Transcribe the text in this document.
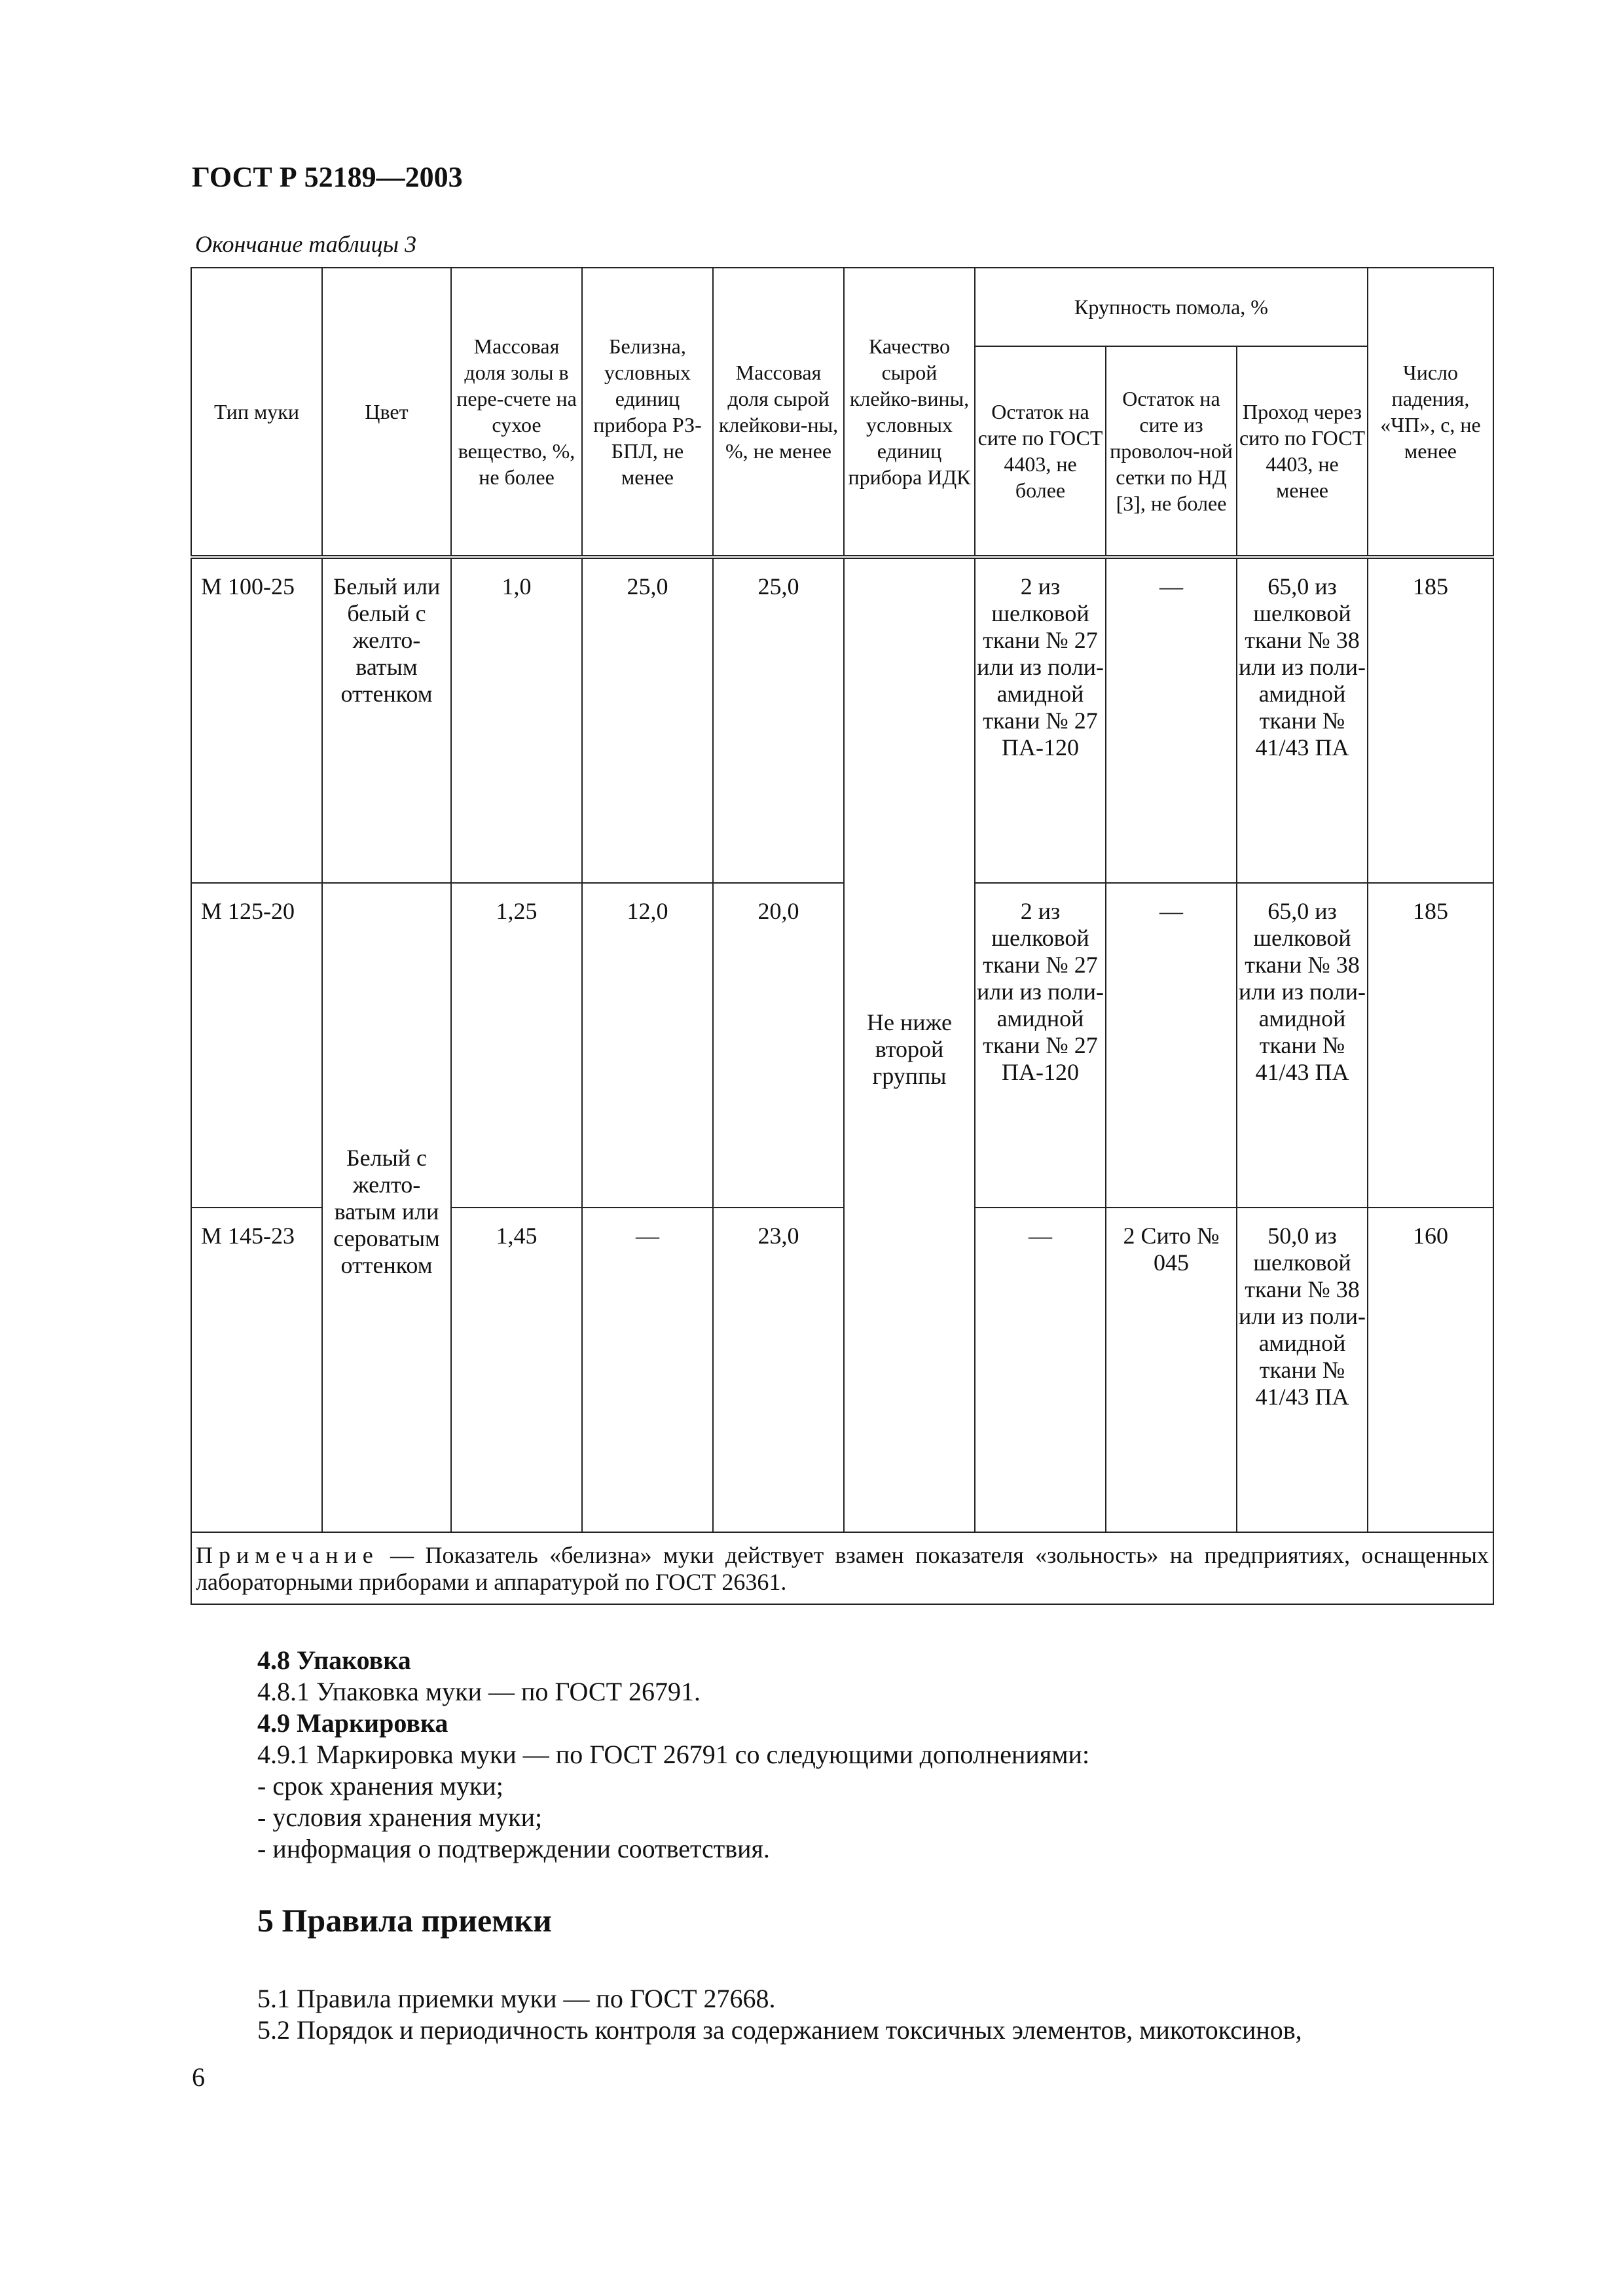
ГОСТ Р 52189—2003
Окончание таблицы 3
Тип муки	Цвет	Массовая доля золы в пере-счете на сухое вещество, %, не более	Белизна, условных единиц прибора РЗ-БПЛ, не менее	Массовая доля сырой клейкови-ны, %, не менее	Качество сырой клейко-вины, условных единиц прибора ИДК	Крупность помола, %			Число падения, «ЧП», с, не менее
						Остаток на сите по ГОСТ 4403, не более	Остаток на сите из проволоч-ной сетки по НД [3], не более	Проход через сито по ГОСТ 4403, не менее	
М 100-25	Белый или белый с желто-ватым оттенком	1,0	25,0	25,0	Не ниже второй группы	2 из шелковой ткани № 27 или из поли-амидной ткани № 27 ПА-120	—	65,0 из шелковой ткани № 38 или из поли-амидной ткани № 41/43 ПА	185
М 125-20	Белый с желто-ватым или сероватым оттенком	1,25	12,0	20,0		2 из шелковой ткани № 27 или из поли-амидной ткани № 27 ПА-120	—	65,0 из шелковой ткани № 38 или из поли-амидной ткани № 41/43 ПА	185
М 145-23		1,45	—	23,0		—	2 Сито № 045	50,0 из шелковой ткани № 38 или из поли-амидной ткани № 41/43 ПА	160
Примечание — Показатель «белизна» муки действует взамен показателя «зольность» на предприятиях, оснащенных лабораторными приборами и аппаратурой по ГОСТ 26361.									
4.8 Упаковка
4.8.1 Упаковка муки — по ГОСТ 26791.
4.9 Маркировка
4.9.1 Маркировка муки — по ГОСТ 26791 со следующими дополнениями:
- срок хранения муки;
- условия хранения муки;
- информация о подтверждении соответствия.
5 Правила приемки
5.1 Правила приемки муки — по ГОСТ 27668.
5.2 Порядок и периодичность контроля за содержанием токсичных элементов, микотоксинов,
6
